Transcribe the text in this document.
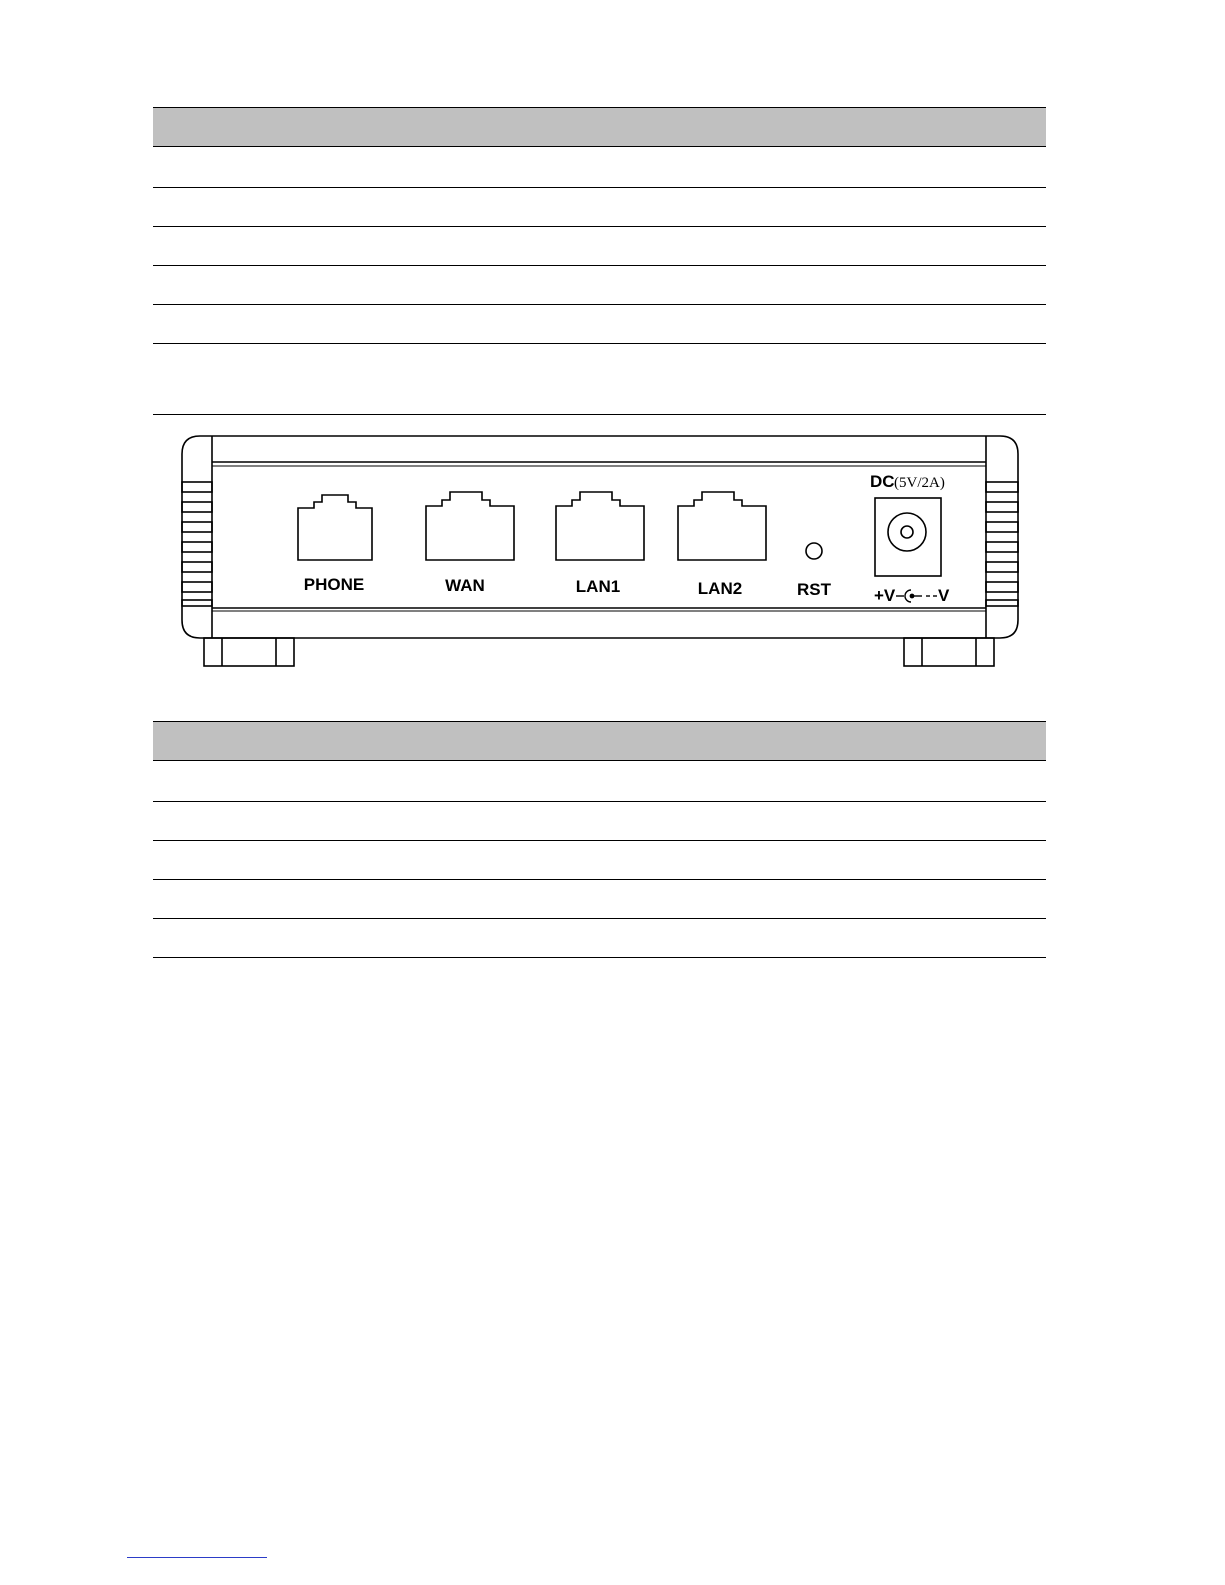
PHONE	WAN	LAN1	LAN2	RST
DC (5V/2A)
+V	V
